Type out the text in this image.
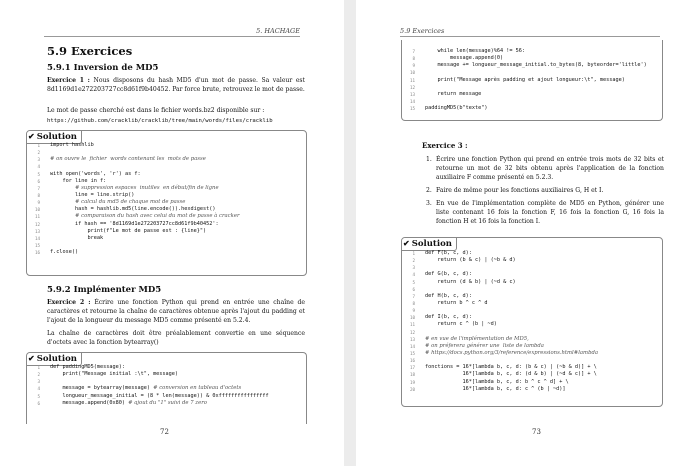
5. HACHAGE
5.9 Exercices
5.9.1 Inversion de MD5
Exercice 1 : Nous disposons du hash MD5 d'un mot de passe. Sa valeur est 8d1169d1e272203727cc8d61f9b40452. Par force brute, retrouvez le mot de passe.
Le mot de passe cherché est dans le fichier words.bz2 disponible sur :
https://github.com/cracklib/cracklib/tree/main/words/files/cracklib
✔ Solution
1 import hashlib
2
3 # on ouvre le  fichier  words contenant les  mots de passe
4
5 with open('words', 'r') as f:
6 for line in f:
7	# suppression espaces  inutiles  en début/fin de ligne
8 line = line.strip()
9	# calcul du md5 de chaque mot de passe
10 hash = hashlib.md5(line.encode()).hexdigest()
11	# comparaison du hash avec celui du mot de passe à cracker
12 if hash == '8d1169d1e272203727cc8d61f9b40452':
13 print(f"Le mot de passe est : {line}")
14 break
15
16 f.close()
5.9.2 Implémenter MD5
Exercice 2 : Écrire une fonction Python qui prend en entrée une chaîne de caractères et retourne la chaîne de caractères obtenue après l'ajout du padding et l'ajout de la longueur du message MD5 comme présenté en 5.2.4.
La chaîne de caractères doit être préalablement convertie en une séquence d'octets avec la fonction bytearray()
✔ Solution
1 def paddingMD5(message):
2 print("Message initial :\t", message)
3
4 message = bytearray(message) # conversion en tableau d'octets
5 longueur_message_initial = (8 * len(message)) & 0xffffffffffffffff
6 message.append(0x80) # ajout du "1" suivi de 7 zero
72
5.9 Exercices
7 while len(message)%64 != 56:
8 message.append(0)
9 message += longueur_message_initial.to_bytes(8, byteorder='little')
10
11 print("Message après padding et ajout longueur:\t", message)
12
13 return message
14
15 paddingMD5(b"texte")
Exercice 3 :
1. Écrire une fonction Python qui prend en entrée trois mots de 32 bits et retourne un mot de 32 bits obtenu après l'application de la fonction auxiliaire F comme présenté en 5.2.3.
2. Faire de même pour les fonctions auxiliaires G, H et I.
3. En vue de l'implémentation complète de MD5 en Python, générer une liste contenant 16 fois la fonction F, 16 fois la fonction G, 16 fois la fonction H et 16 fois la fonction I.
✔ Solution
1 def F(b, c, d):
2 return (b & c) | (~b & d)
3
4 def G(b, c, d):
5 return (d & b) | (~d & c)
6
7 def H(b, c, d):
8 return b ^ c ^ d
9
10 def I(b, c, d):
11 return c ^ (b | ~d)
12
13 # en vue de l'implémentation de MD5,
14 # on préferera générer une  liste de lambda
15 # https://docs.python.org/3/reference/expressions.html#lambda
16
17 fonctions = 16*[lambda b, c, d: (b & c) | (~b & d)] + \
18 16*[lambda b, c, d: (d & b) | (~d & c)] + \
19 16*[lambda b, c, d: b ^ c ^ d] + \
20 16*[lambda b, c, d: c ^ (b | ~d)]
73
